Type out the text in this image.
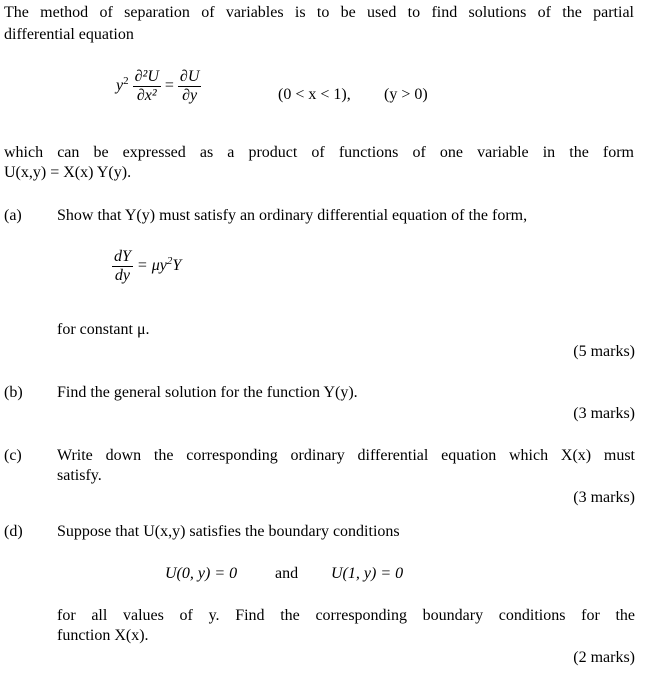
The method of separation of variables is to be used to find solutions of the partial
differential equation
$y^2 \frac{\text{∂²U}}{\text{∂x²}} = \frac{\partial U}{\partial y}$	(0 < x < 1), (y > 0)
which can be expressed as a product of functions of one variable in the form
U(x,y) = X(x) Y(y).
(a) Show that Y(y) must satisfy an ordinary differential equation of the form,
$\frac{dY}{dy} = \mu y^2Y$
for constant μ.
(5 marks)
(b) Find the general solution for the function Y(y).
(3 marks)
(c) Write down the corresponding ordinary differential equation which X(x) must
satisfy.
(3 marks)
(d) Suppose that U(x,y) satisfies the boundary conditions
U(0, y) = 0 and U(1, y) = 0
for all values of y. Find the corresponding boundary conditions for the
function X(x).
(2 marks)
